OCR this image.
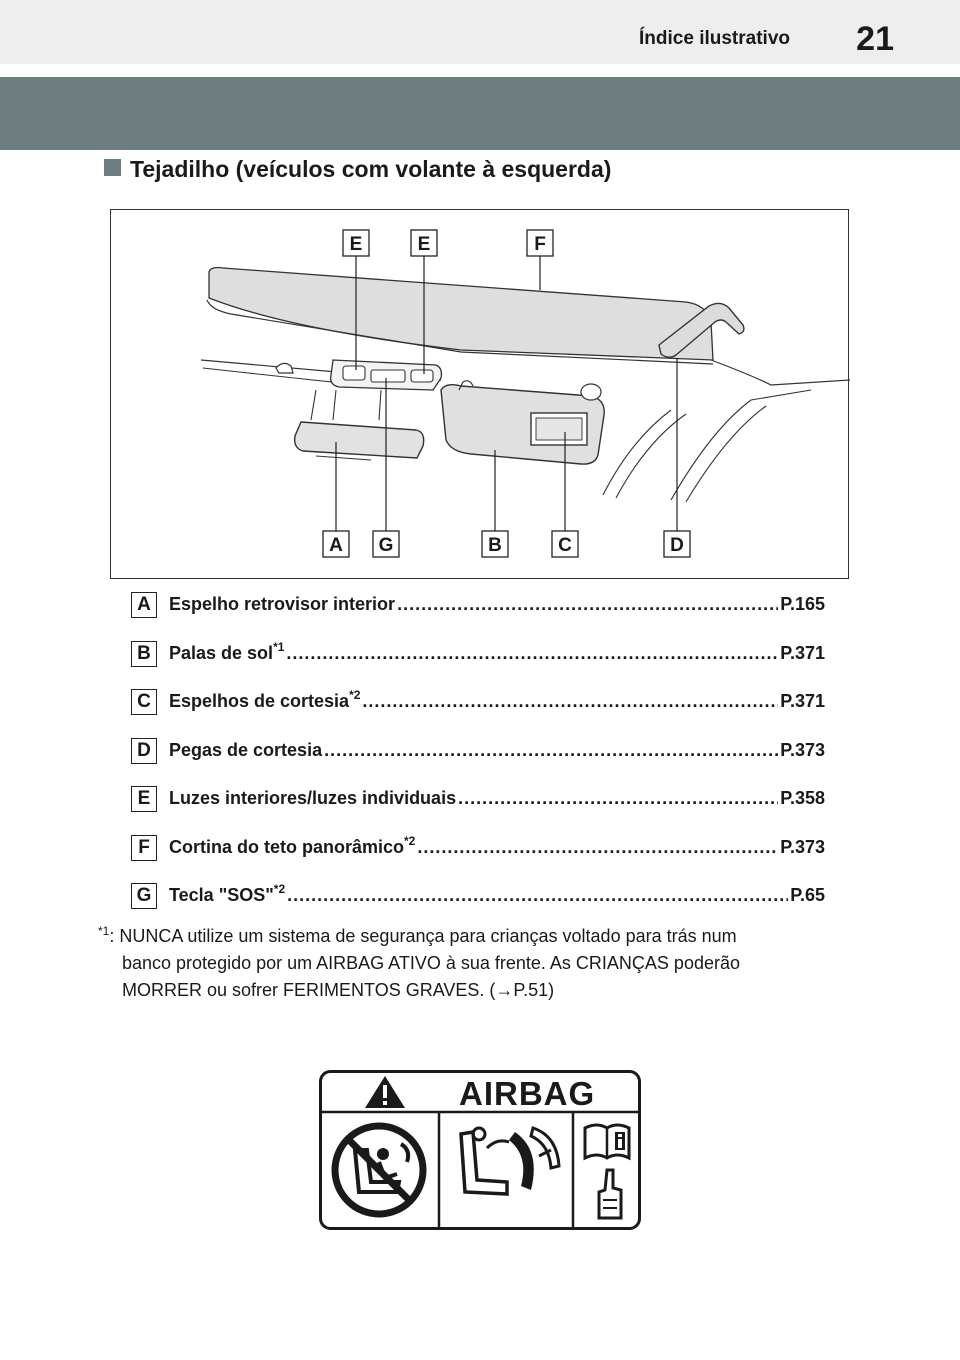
Índice ilustrativo 21
Tejadilho (veículos com volante à esquerda)
E	E	F
A G	B	C	D
A	Espelho retrovisor interior .....	P.165
B	Palas de sol$^{*1}$ .....	P.371
C	Espelhos de cortesia$^{*2}$ .....	P.371
D	Pegas de cortesia .....	P.373
E	Luzes interiores/luzes individuais .....	P.358
F	Cortina do teto panorâmico$^{*2}$ .....	P.373
G Tecla "SOS"$^{*2}$ .....	P.65
$^{*1}$: NUNCA utilize um sistema de segurança para crianças voltado para trás num
banco protegido por um AIRBAG ATIVO à sua frente. As CRIANÇAS poderão
MORRER ou sofrer FERIMENTOS GRAVES. (→P.51)
AIRBAG
